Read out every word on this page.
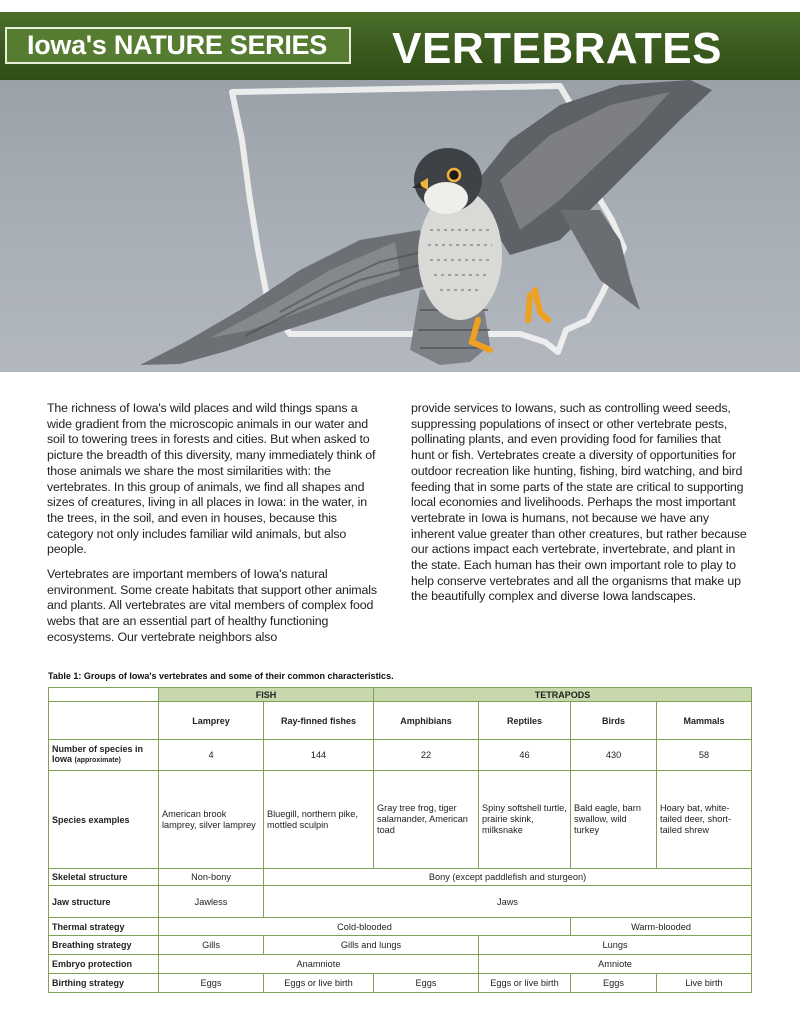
Iowa's NATURE SERIES VERTEBRATES

The richness of Iowa's wild places and wild things spans a wide gradient from the microscopic animals in our water and soil to towering trees in forests and cities. But when asked to picture the breadth of this diversity, many immediately think of those animals we share the most similarities with: the vertebrates. In this group of animals, we find all shapes and sizes of creatures, living in all places in Iowa: in the water, in the trees, in the soil, and even in houses, because this category not only includes familiar wild animals, but also people.

Vertebrates are important members of Iowa's natural environment. Some create habitats that support other animals and plants. All vertebrates are vital members of complex food webs that are an essential part of healthy functioning ecosystems. Our vertebrate neighbors also

provide services to Iowans, such as controlling weed seeds, suppressing populations of insect or other vertebrate pests, pollinating plants, and even providing food for families that hunt or fish. Vertebrates create a diversity of opportunities for outdoor recreation like hunting, fishing, bird watching, and bird feeding that in some parts of the state are critical to supporting local economies and livelihoods. Perhaps the most important vertebrate in Iowa is humans, not because we have any inherent value greater than other creatures, but rather because our actions impact each vertebrate, invertebrate, and plant in the state. Each human has their own important role to play to help conserve vertebrates and all the organisms that make up the beautifully complex and diverse Iowa landscapes.

Table 1: Groups of Iowa's vertebrates and some of their common characteristics.
	FISH		TETRAPODS			
	Lamprey	Ray-finned fishes	Amphibians	Reptiles	Birds	Mammals
Number of species in Iowa (approximate)	4	144	22	46	430	58
Species examples	American brook lamprey, silver lamprey	Bluegill, northern pike, mottled sculpin	Gray tree frog, tiger salamander, American toad	Spiny softshell turtle, prairie skink, milksnake	Bald eagle, barn swallow, wild turkey	Hoary bat, white-tailed deer, short-tailed shrew
Skeletal structure	Non-bony	Bony (except paddlefish and sturgeon)				
Jaw structure	Jawless	Jaws				
Thermal strategy	Cold-blooded				Warm-blooded	
Breathing strategy	Gills	Gills and lungs		Lungs		
Embryo protection	Anamniote			Amniote		
Birthing strategy	Eggs	Eggs or live birth	Eggs	Eggs or live birth	Eggs	Live birth
